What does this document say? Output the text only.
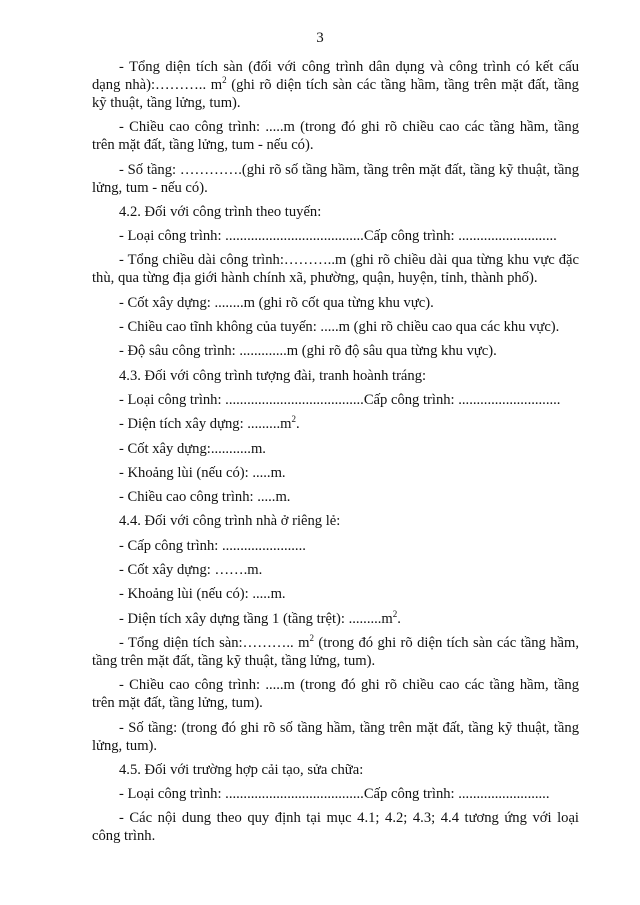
3

- Tổng diện tích sàn (đối với công trình dân dụng và công trình có kết cấu dạng nhà):……….. $m^2$ (ghi rõ diện tích sàn các tầng hầm, tầng trên mặt đất, tầng kỹ thuật, tầng lửng, tum).

- Chiều cao công trình: .....m (trong đó ghi rõ chiều cao các tầng hầm, tầng trên mặt đất, tầng lửng, tum - nếu có).

- Số tầng: ………….(ghi rõ số tầng hầm, tầng trên mặt đất, tầng kỹ thuật, tầng lửng, tum - nếu có).

4.2. Đối với công trình theo tuyến:

- Loại công trình: ......................................Cấp công trình: ...........................

- Tổng chiều dài công trình:………..m (ghi rõ chiều dài qua từng khu vực đặc thù, qua từng địa giới hành chính xã, phường, quận, huyện, tỉnh, thành phố).

- Cốt xây dựng: ........m (ghi rõ cốt qua từng khu vực).

- Chiều cao tĩnh không của tuyến: .....m (ghi rõ chiều cao qua các khu vực).

- Độ sâu công trình: .............m (ghi rõ độ sâu qua từng khu vực).

4.3. Đối với công trình tượng đài, tranh hoành tráng:

- Loại công trình: ......................................Cấp công trình: ............................

- Diện tích xây dựng: $.........m^2$.

- Cốt xây dựng:...........m.

- Khoảng lùi (nếu có): .....m.

- Chiều cao công trình: .....m.

4.4. Đối với công trình nhà ở riêng lẻ:

- Cấp công trình: .......................

- Cốt xây dựng: …….m.

- Khoảng lùi (nếu có): .....m.

- Diện tích xây dựng tầng 1 (tầng trệt): $.........m^2$.

- Tổng diện tích sàn:……….. $m^2$ (trong đó ghi rõ diện tích sàn các tầng hầm, tầng trên mặt đất, tầng kỹ thuật, tầng lửng, tum).

- Chiều cao công trình: .....m (trong đó ghi rõ chiều cao các tầng hầm, tầng trên mặt đất, tầng lửng, tum).

- Số tầng: (trong đó ghi rõ số tầng hầm, tầng trên mặt đất, tầng kỹ thuật, tầng lửng, tum).

4.5. Đối với trường hợp cải tạo, sửa chữa:

- Loại công trình: ......................................Cấp công trình: .........................

- Các nội dung theo quy định tại mục 4.1; 4.2; 4.3; 4.4 tương ứng với loại công trình.
